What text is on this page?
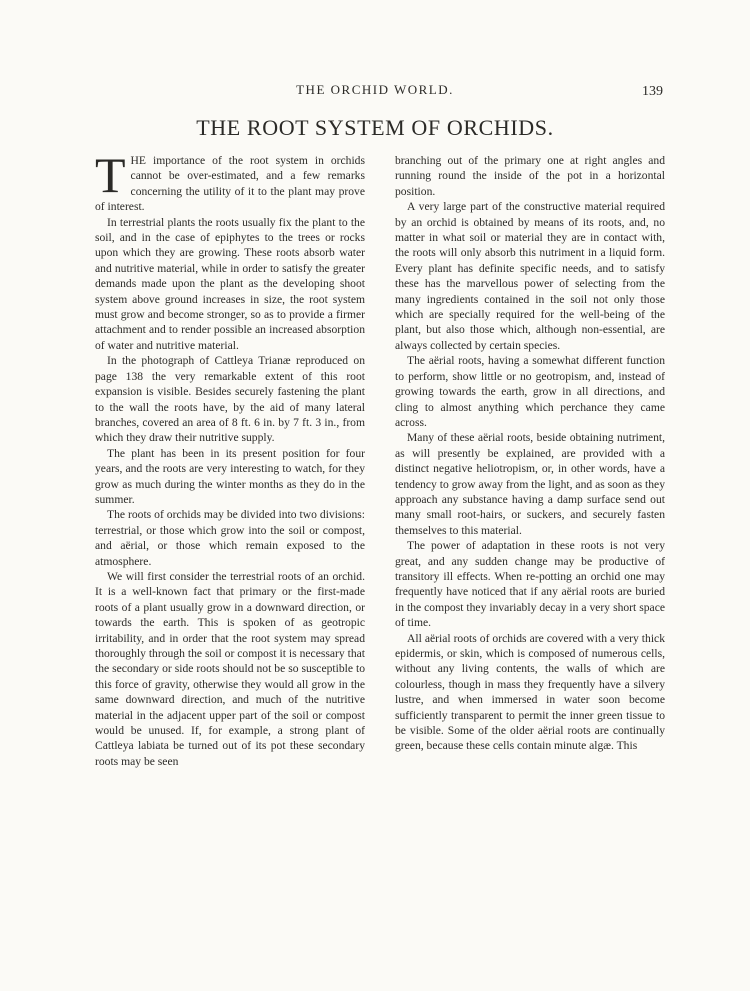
THE ORCHID WORLD.	139
THE ROOT SYSTEM OF ORCHIDS.

THE importance of the root system in orchids cannot be over-estimated, and a few remarks concerning the utility of it to the plant may prove of interest.

In terrestrial plants the roots usually fix the plant to the soil, and in the case of epiphytes to the trees or rocks upon which they are growing. These roots absorb water and nutritive material, while in order to satisfy the greater demands made upon the plant as the developing shoot system above ground increases in size, the root system must grow and become stronger, so as to provide a firmer attachment and to render possible an increased absorption of water and nutritive material.

In the photograph of Cattleya Trianæ reproduced on page 138 the very remarkable extent of this root expansion is visible. Besides securely fastening the plant to the wall the roots have, by the aid of many lateral branches, covered an area of 8 ft. 6 in. by 7 ft. 3 in., from which they draw their nutritive supply.

The plant has been in its present position for four years, and the roots are very interesting to watch, for they grow as much during the winter months as they do in the summer.

The roots of orchids may be divided into two divisions: terrestrial, or those which grow into the soil or compost, and aërial, or those which remain exposed to the atmosphere.

We will first consider the terrestrial roots of an orchid. It is a well-known fact that primary or the first-made roots of a plant usually grow in a downward direction, or towards the earth. This is spoken of as geotropic irritability, and in order that the root system may spread thoroughly through the soil or compost it is necessary that the secondary or side roots should not be so susceptible to this force of gravity, otherwise they would all grow in the same downward direction, and much of the nutritive material in the adjacent upper part of the soil or compost would be unused. If, for example, a strong plant of Cattleya labiata be turned out of its pot these secondary roots may be seen

branching out of the primary one at right angles and running round the inside of the pot in a horizontal position.

A very large part of the constructive material required by an orchid is obtained by means of its roots, and, no matter in what soil or material they are in contact with, the roots will only absorb this nutriment in a liquid form. Every plant has definite specific needs, and to satisfy these has the marvellous power of selecting from the many ingredients contained in the soil not only those which are specially required for the well-being of the plant, but also those which, although non-essential, are always collected by certain species.

The aërial roots, having a somewhat different function to perform, show little or no geotropism, and, instead of growing towards the earth, grow in all directions, and cling to almost anything which perchance they came across.

Many of these aërial roots, beside obtaining nutriment, as will presently be explained, are provided with a distinct negative heliotropism, or, in other words, have a tendency to grow away from the light, and as soon as they approach any substance having a damp surface send out many small root-hairs, or suckers, and securely fasten themselves to this material.

The power of adaptation in these roots is not very great, and any sudden change may be productive of transitory ill effects. When re-potting an orchid one may frequently have noticed that if any aërial roots are buried in the compost they invariably decay in a very short space of time.

All aërial roots of orchids are covered with a very thick epidermis, or skin, which is composed of numerous cells, without any living contents, the walls of which are colourless, though in mass they frequently have a silvery lustre, and when immersed in water soon become sufficiently transparent to permit the inner green tissue to be visible. Some of the older aërial roots are continually green, because these cells contain minute algæ. This
